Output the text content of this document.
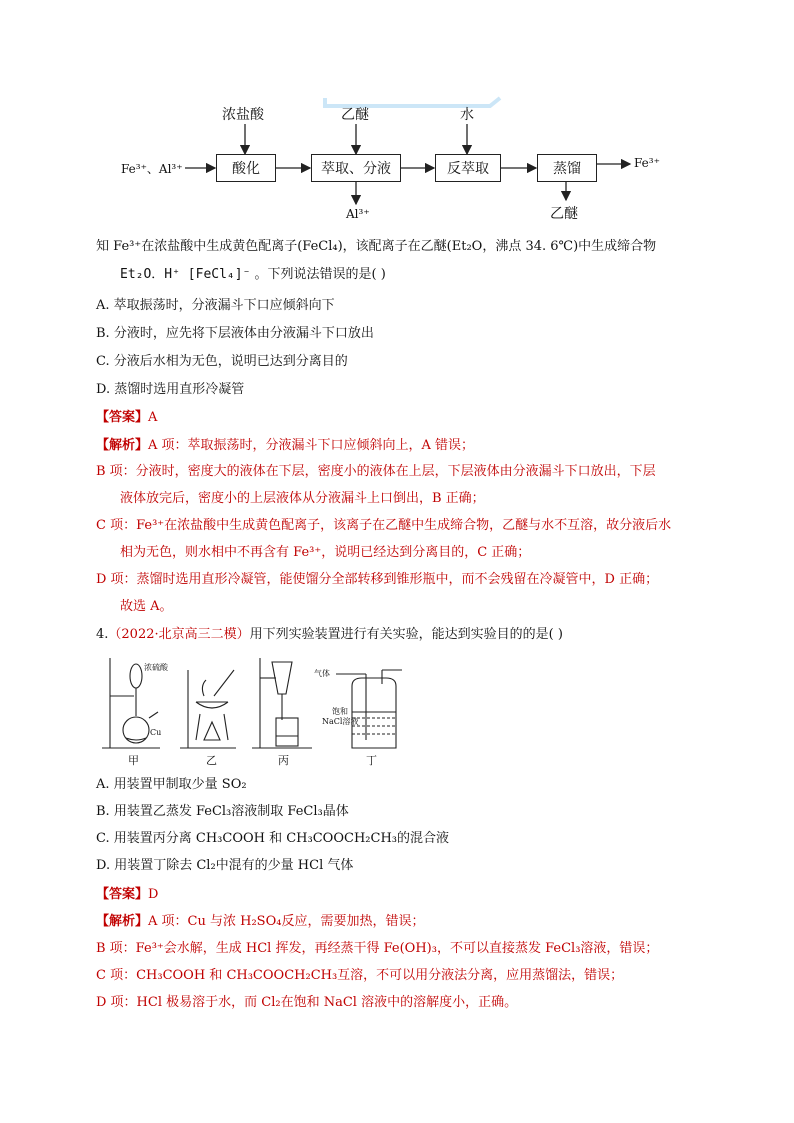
浓盐酸	乙醚	水
Fe³⁺、Al³⁺	酸化	萃取、分液	反萃取	蒸馏	Fe³⁺
Al³⁺	乙醚
知 Fe³⁺在浓盐酸中生成黄色配离子(FeCl₄)，该配离子在乙醚(Et₂O，沸点 34. 6℃)中生成缔合物
Et₂O．H⁺ [FeCl₄]⁻ 。下列说法错误的是( )
A. 萃取振荡时，分液漏斗下口应倾斜向下
B. 分液时，应先将下层液体由分液漏斗下口放出
C. 分液后水相为无色，说明已达到分离目的
D. 蒸馏时选用直形冷凝管
【答案】A
【解析】A 项：萃取振荡时，分液漏斗下口应倾斜向上，A 错误；
B 项：分液时，密度大的液体在下层，密度小的液体在上层，下层液体由分液漏斗下口放出，下层
液体放完后，密度小的上层液体从分液漏斗上口倒出，B 正确；
C 项：Fe³⁺在浓盐酸中生成黄色配离子，该离子在乙醚中生成缔合物，乙醚与水不互溶，故分液后水
相为无色，则水相中不再含有 Fe³⁺，说明已经达到分离目的，C 正确；
D 项：蒸馏时选用直形冷凝管，能使馏分全部转移到锥形瓶中，而不会残留在冷凝管中，D 正确；
故选 A。
4.（2022·北京高三二模）用下列实验装置进行有关实验，能达到实验目的的是( )
浓硫酸
Cu
气体
饱和
NaCl溶液
甲	乙	丙	丁
A. 用装置甲制取少量 SO₂
B. 用装置乙蒸发 FeCl₃溶液制取 FeCl₃晶体
C. 用装置丙分离 CH₃COOH 和 CH₃COOCH₂CH₃的混合液
D. 用装置丁除去 Cl₂中混有的少量 HCl 气体
【答案】D
【解析】A 项：Cu 与浓 H₂SO₄反应，需要加热，错误；
B 项：Fe³⁺会水解，生成 HCl 挥发，再经蒸干得 Fe(OH)₃，不可以直接蒸发 FeCl₃溶液，错误；
C 项：CH₃COOH 和 CH₃COOCH₂CH₃互溶，不可以用分液法分离，应用蒸馏法，错误；
D 项：HCl 极易溶于水，而 Cl₂在饱和 NaCl 溶液中的溶解度小，正确。
